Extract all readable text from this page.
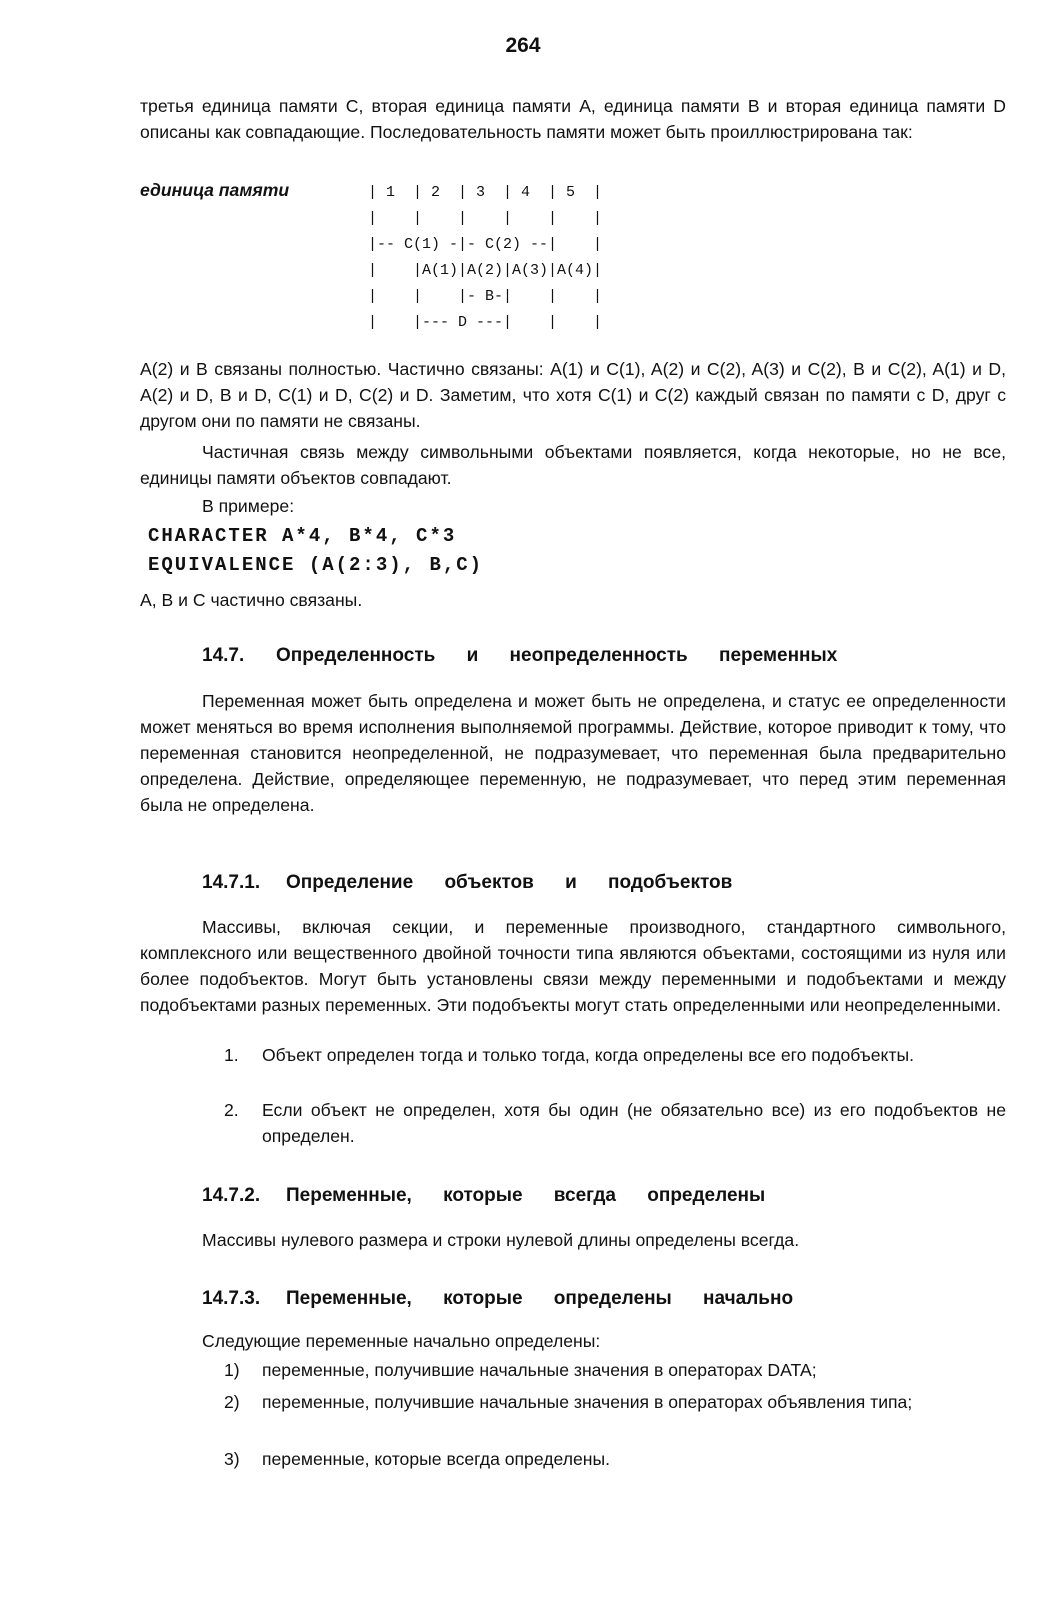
264

третья единица памяти C, вторая единица памяти A, единица памяти B и вторая единица памяти D описаны как совпадающие. Последовательность памяти может быть проиллюстрирована так:

единица памяти	| 1  | 2  | 3  | 4  | 5  |
|    |    |    |    |    |
|-- C(1) -|- C(2) --|    |
|    |A(1)|A(2)|A(3)|A(4)|
|    |    |- B-|    |    |
|    |--- D ---|    |    |

A(2) и B связаны полностью. Частично связаны: A(1) и C(1), A(2) и C(2), A(3) и C(2), B и C(2), A(1) и D, A(2) и D, B и D, C(1) и D, C(2) и D. Заметим, что хотя C(1) и C(2) каждый связан по памяти с D, друг с другом они по памяти не связаны.

Частичная связь между символьными объектами появляется, когда некоторые, но не все, единицы памяти объектов совпадают.

В примере:

CHARACTER A*4, B*4, C*3
EQUIVALENCE (A(2:3), B,C)

A, B и C частично связаны.

14.7. Определенность и неопределенность переменных

Переменная может быть определена и может быть не определена, и статус ее определенности может меняться во время исполнения выполняемой программы. Действие, которое приводит к тому, что переменная становится неопределенной, не подразумевает, что переменная была предварительно определена. Действие, определяющее переменную, не подразумевает, что перед этим переменная была не определена.

14.7.1. Определение объектов и подобъектов

Массивы, включая секции, и переменные производного, стандартного символьного, комплексного или вещественного двойной точности типа являются объектами, состоящими из нуля или более подобъектов. Могут быть установлены связи между переменными и подобъектами и между подобъектами разных переменных. Эти подобъекты могут стать определенными или неопределенными.

1. Объект определен тогда и только тогда, когда определены все его подобъекты.
2. Если объект не определен, хотя бы один (не обязательно все) из его подобъектов не определен.
14.7.2. Переменные, которые всегда определены

Массивы нулевого размера и строки нулевой длины определены всегда.

14.7.3. Переменные, которые определены начально

Следующие переменные начально определены:

1) переменные, получившие начальные значения в операторах DATA;
2) переменные, получившие начальные значения в операторах объявления типа;
3) переменные, которые всегда определены.
